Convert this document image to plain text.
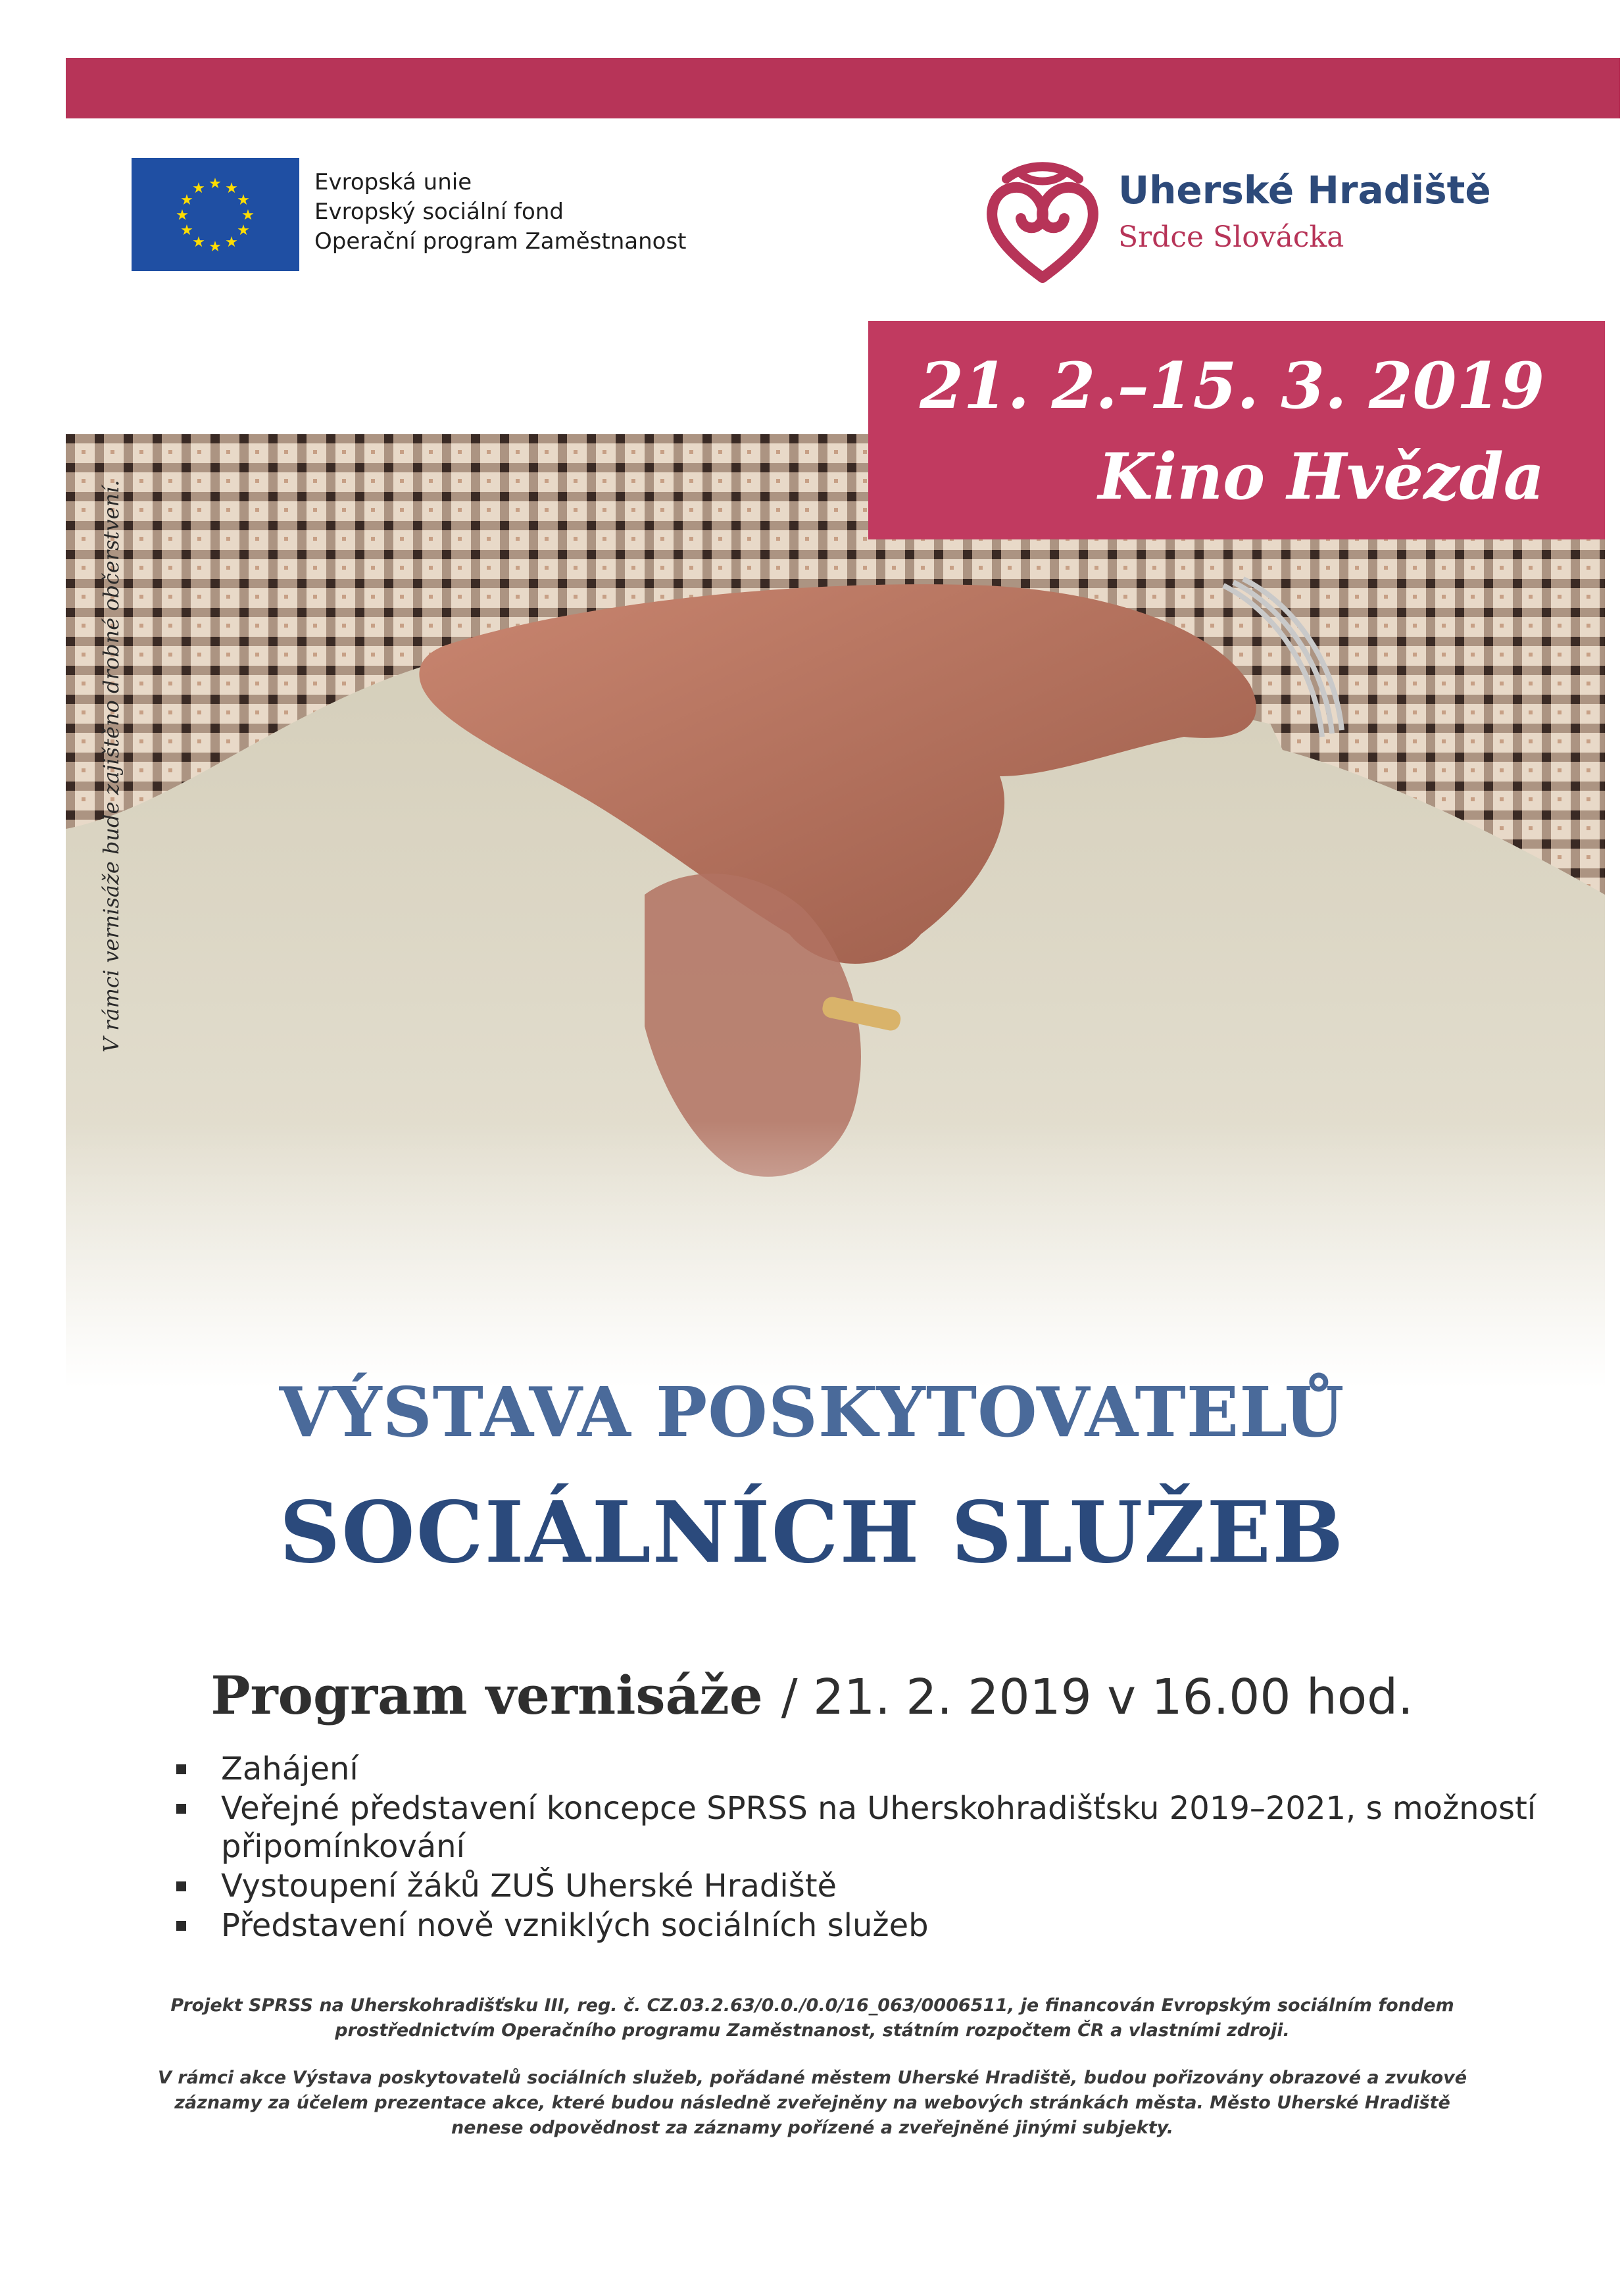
★ ★
★
★
★
★
★
★
★
★
★
★	Evropská unie
Evropský sociální fond
Operační program Zaměstnanost
Uherské Hradiště
Srdce Slovácka
21. 2.–15. 3. 2019
Kino Hvězda
V rámci vernisáže bude zajištěno drobné občerstvení.
VÝSTAVA POSKYTOVATELŮ
SOCIÁLNÍCH SLUŽEB
Program vernisáže / 21. 2. 2019 v 16.00 hod.
Zahájení
Veřejné představení koncepce SPRSS na Uherskohradišťsku 2019–2021, s možností připomínkování
Vystoupení žáků ZUŠ Uherské Hradiště
Představení nově vzniklých sociálních služeb
Projekt SPRSS na Uherskohradišťsku III, reg. č. CZ.03.2.63/0.0./0.0/16_063/0006511, je financován Evropským sociálním fondem prostřednictvím Operačního programu Zaměstnanost, státním rozpočtem ČR a vlastními zdroji.
V rámci akce Výstava poskytovatelů sociálních služeb, pořádané městem Uherské Hradiště, budou pořizovány obrazové a zvukové záznamy za účelem prezentace akce, které budou následně zveřejněny na webových stránkách města. Město Uherské Hradiště nenese odpovědnost za záznamy pořízené a zveřejněné jinými subjekty.
